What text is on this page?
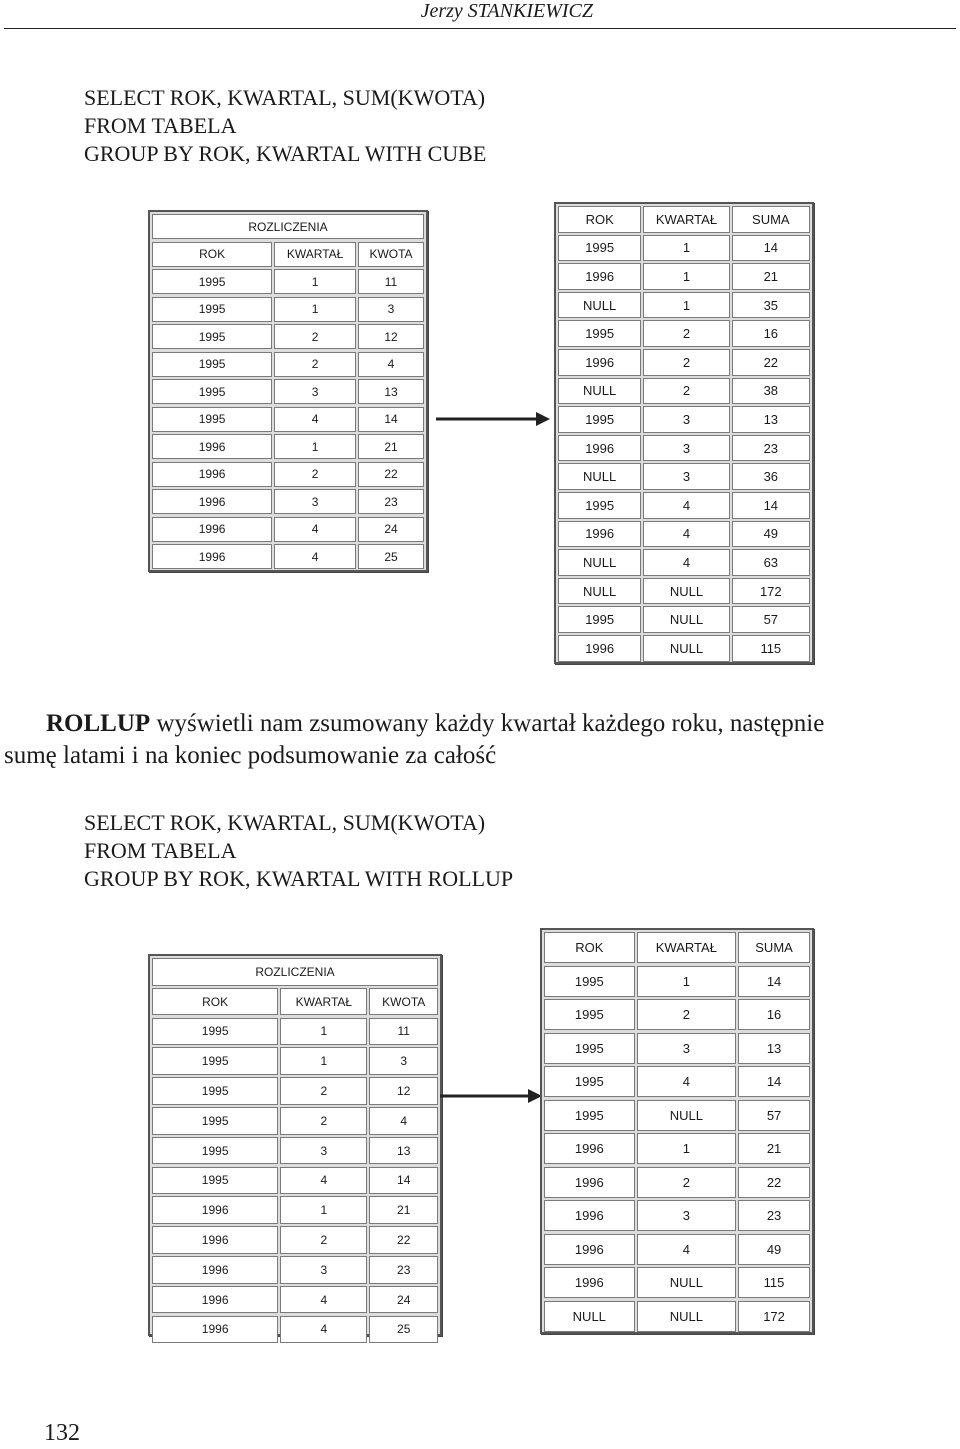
Jerzy STANKIEWICZ
SELECT ROK, KWARTAL, SUM(KWOTA)
FROM TABELA
GROUP BY ROK, KWARTAL WITH CUBE
ROZLICZENIA
ROK	KWARTAŁ	KWOTA
1995	1	11
1995	1	3
1995	2	12
1995	2	4
1995	3	13
1995	4	14
1996	1	21
1996	2	22
1996	3	23
1996	4	24
1996	4	25
ROK	KWARTAŁ	SUMA
1995	1	14
1996	1	21
NULL	1	35
1995	2	16
1996	2	22
NULL	2	38
1995	3	13
1996	3	23
NULL	3	36
1995	4	14
1996	4	49
NULL	4	63
NULL	NULL	172
1995	NULL	57
1996	NULL	115
ROLLUP wyświetli nam zsumowany każdy kwartał każdego roku, następnie
sumę latami i na koniec podsumowanie za całość
SELECT ROK, KWARTAL, SUM(KWOTA)
FROM TABELA
GROUP BY ROK, KWARTAL WITH ROLLUP
ROZLICZENIA
ROK	KWARTAŁ	KWOTA
1995	1	11
1995	1	3
1995	2	12
1995	2	4
1995	3	13
1995	4	14
1996	1	21
1996	2	22
1996	3	23
1996	4	24
1996	4	25
ROK	KWARTAŁ	SUMA
1995	1	14
1995	2	16
1995	3	13
1995	4	14
1995	NULL	57
1996	1	21
1996	2	22
1996	3	23
1996	4	49
1996	NULL	115
NULL	NULL	172
132
